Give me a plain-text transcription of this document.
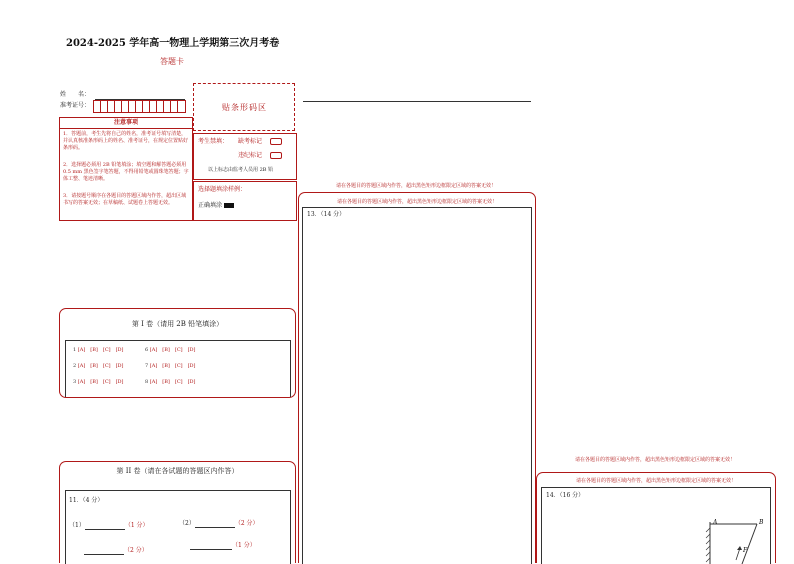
2024-2025 学年高一物理上学期第三次月考卷
答题卡
姓　　名：
准考证号：	贴条形码区
注意事项
1．答题前，考生先将自己的姓名，准考证号填写清楚，并认真核准条形码上的姓名、准考证号，在规定位置贴好条形码。
2．选择题必须用 2B 铅笔填涂；填空题和解答题必须用 0.5 mm 黑色签字笔答题，不得用铅笔或圆珠笔答题；字体工整、笔迹清晰。
3．请按题号顺序在各题目的答题区域内作答，超出区域书写的答案无效；在草稿纸、试题卷上答题无效。
考生禁填： 缺考标记
违纪标记
以上标志由监考人员用 2B 铅
选择题填涂样例：
正确填涂
第 I 卷（请用 2B 铅笔填涂）
1 [A]　[B]　[C]　[D]	6 [A]　[B]　[C]　[D]
2 [A]　[B]　[C]　[D]	7 [A]　[B]　[C]　[D]
3 [A]　[B]　[C]　[D]	8 [A]　[B]　[C]　[D]
第 II 卷（请在各试题的答题区内作答）
11．（4 分）
（1）	（1 分）	（2）	（2 分）
（2 分）
（1 分）
请在各题目的答题区域内作答，超出黑色矩形边框限定区域的答案无效！
请在各题目的答题区域内作答，超出黑色矩形边框限定区域的答案无效！
13．（14 分）
请在各题目的答题区域内作答，超出黑色矩形边框限定区域的答案无效！
请在各题目的答题区域内作答，超出黑色矩形边框限定区域的答案无效！
14．（16 分）
A	B
F
